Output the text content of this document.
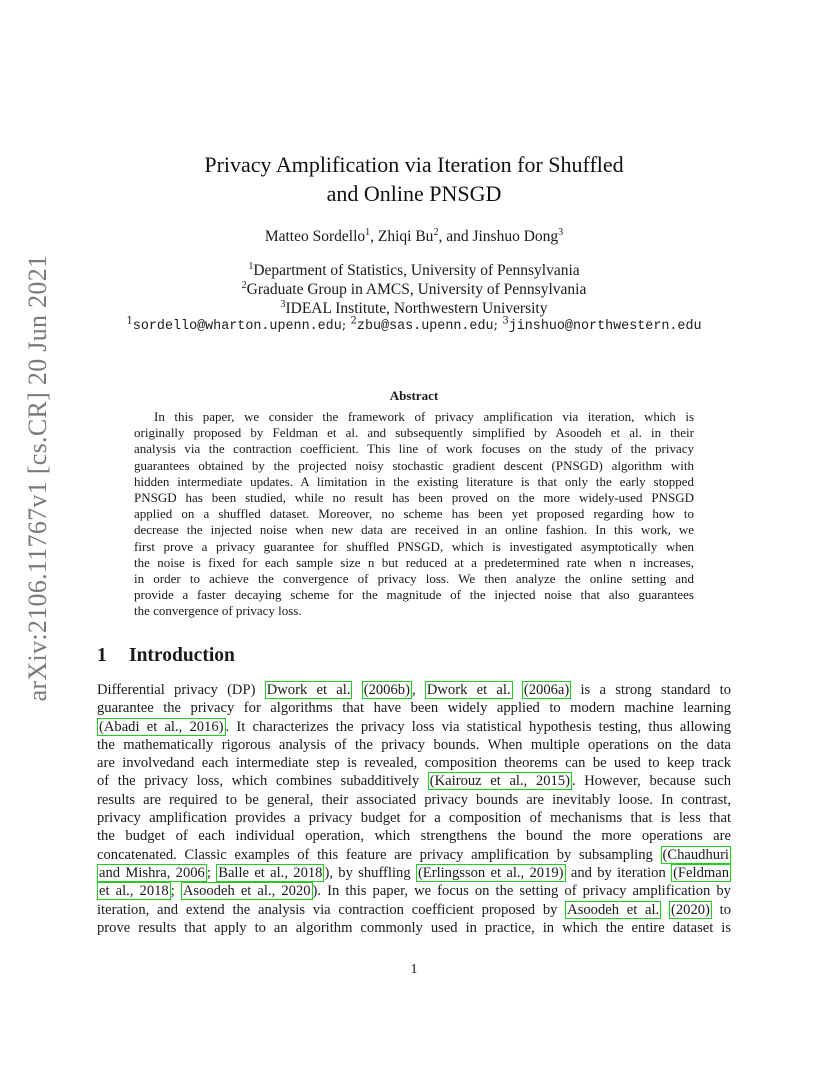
arXiv:2106.11767v1 [cs.CR] 20 Jun 2021
Privacy Amplification via Iteration for Shuffled
and Online PNSGD
Matteo Sordello$^1$, Zhiqi Bu$^2$, and Jinshuo Dong$^3$
$^1$Department of Statistics, University of Pennsylvania
$^2$Graduate Group in AMCS, University of Pennsylvania
$^3$IDEAL Institute, Northwestern University
$^1$sordello@wharton.upenn.edu; $^2$zbu@sas.upenn.edu; $^3$jinshuo@northwestern.edu
Abstract
In this paper, we consider the framework of privacy amplification via iteration, which is
originally proposed by Feldman et al. and subsequently simplified by Asoodeh et al. in their
analysis via the contraction coefficient. This line of work focuses on the study of the privacy
guarantees obtained by the projected noisy stochastic gradient descent (PNSGD) algorithm with
hidden intermediate updates. A limitation in the existing literature is that only the early stopped
PNSGD has been studied, while no result has been proved on the more widely-used PNSGD
applied on a shuffled dataset. Moreover, no scheme has been yet proposed regarding how to
decrease the injected noise when new data are received in an online fashion. In this work, we
first prove a privacy guarantee for shuffled PNSGD, which is investigated asymptotically when
the noise is fixed for each sample size n but reduced at a predetermined rate when n increases,
in order to achieve the convergence of privacy loss. We then analyze the online setting and
provide a faster decaying scheme for the magnitude of the injected noise that also guarantees
the convergence of privacy loss.
1 Introduction
Differential privacy (DP) Dwork et al. (2006b) , Dwork et al. (2006a) is a strong standard to
guarantee the privacy for algorithms that have been widely applied to modern machine learning
(Abadi et al., 2016) . It characterizes the privacy loss via statistical hypothesis testing, thus allowing
the mathematically rigorous analysis of the privacy bounds. When multiple operations on the data
are involvedand each intermediate step is revealed, composition theorems can be used to keep track
of the privacy loss, which combines subadditively (Kairouz et al., 2015) . However, because such
results are required to be general, their associated privacy bounds are inevitably loose. In contrast,
privacy amplification provides a privacy budget for a composition of mechanisms that is less that
the budget of each individual operation, which strengthens the bound the more operations are
concatenated. Classic examples of this feature are privacy amplification by subsampling (Chaudhuri
and Mishra, 2006 ; Balle et al., 2018 ), by shuffling (Erlingsson et al., 2019) and by iteration (Feldman
et al., 2018 ; Asoodeh et al., 2020 ). In this paper, we focus on the setting of privacy amplification by
iteration, and extend the analysis via contraction coefficient proposed by Asoodeh et al. (2020) to
prove results that apply to an algorithm commonly used in practice, in which the entire dataset is
1
